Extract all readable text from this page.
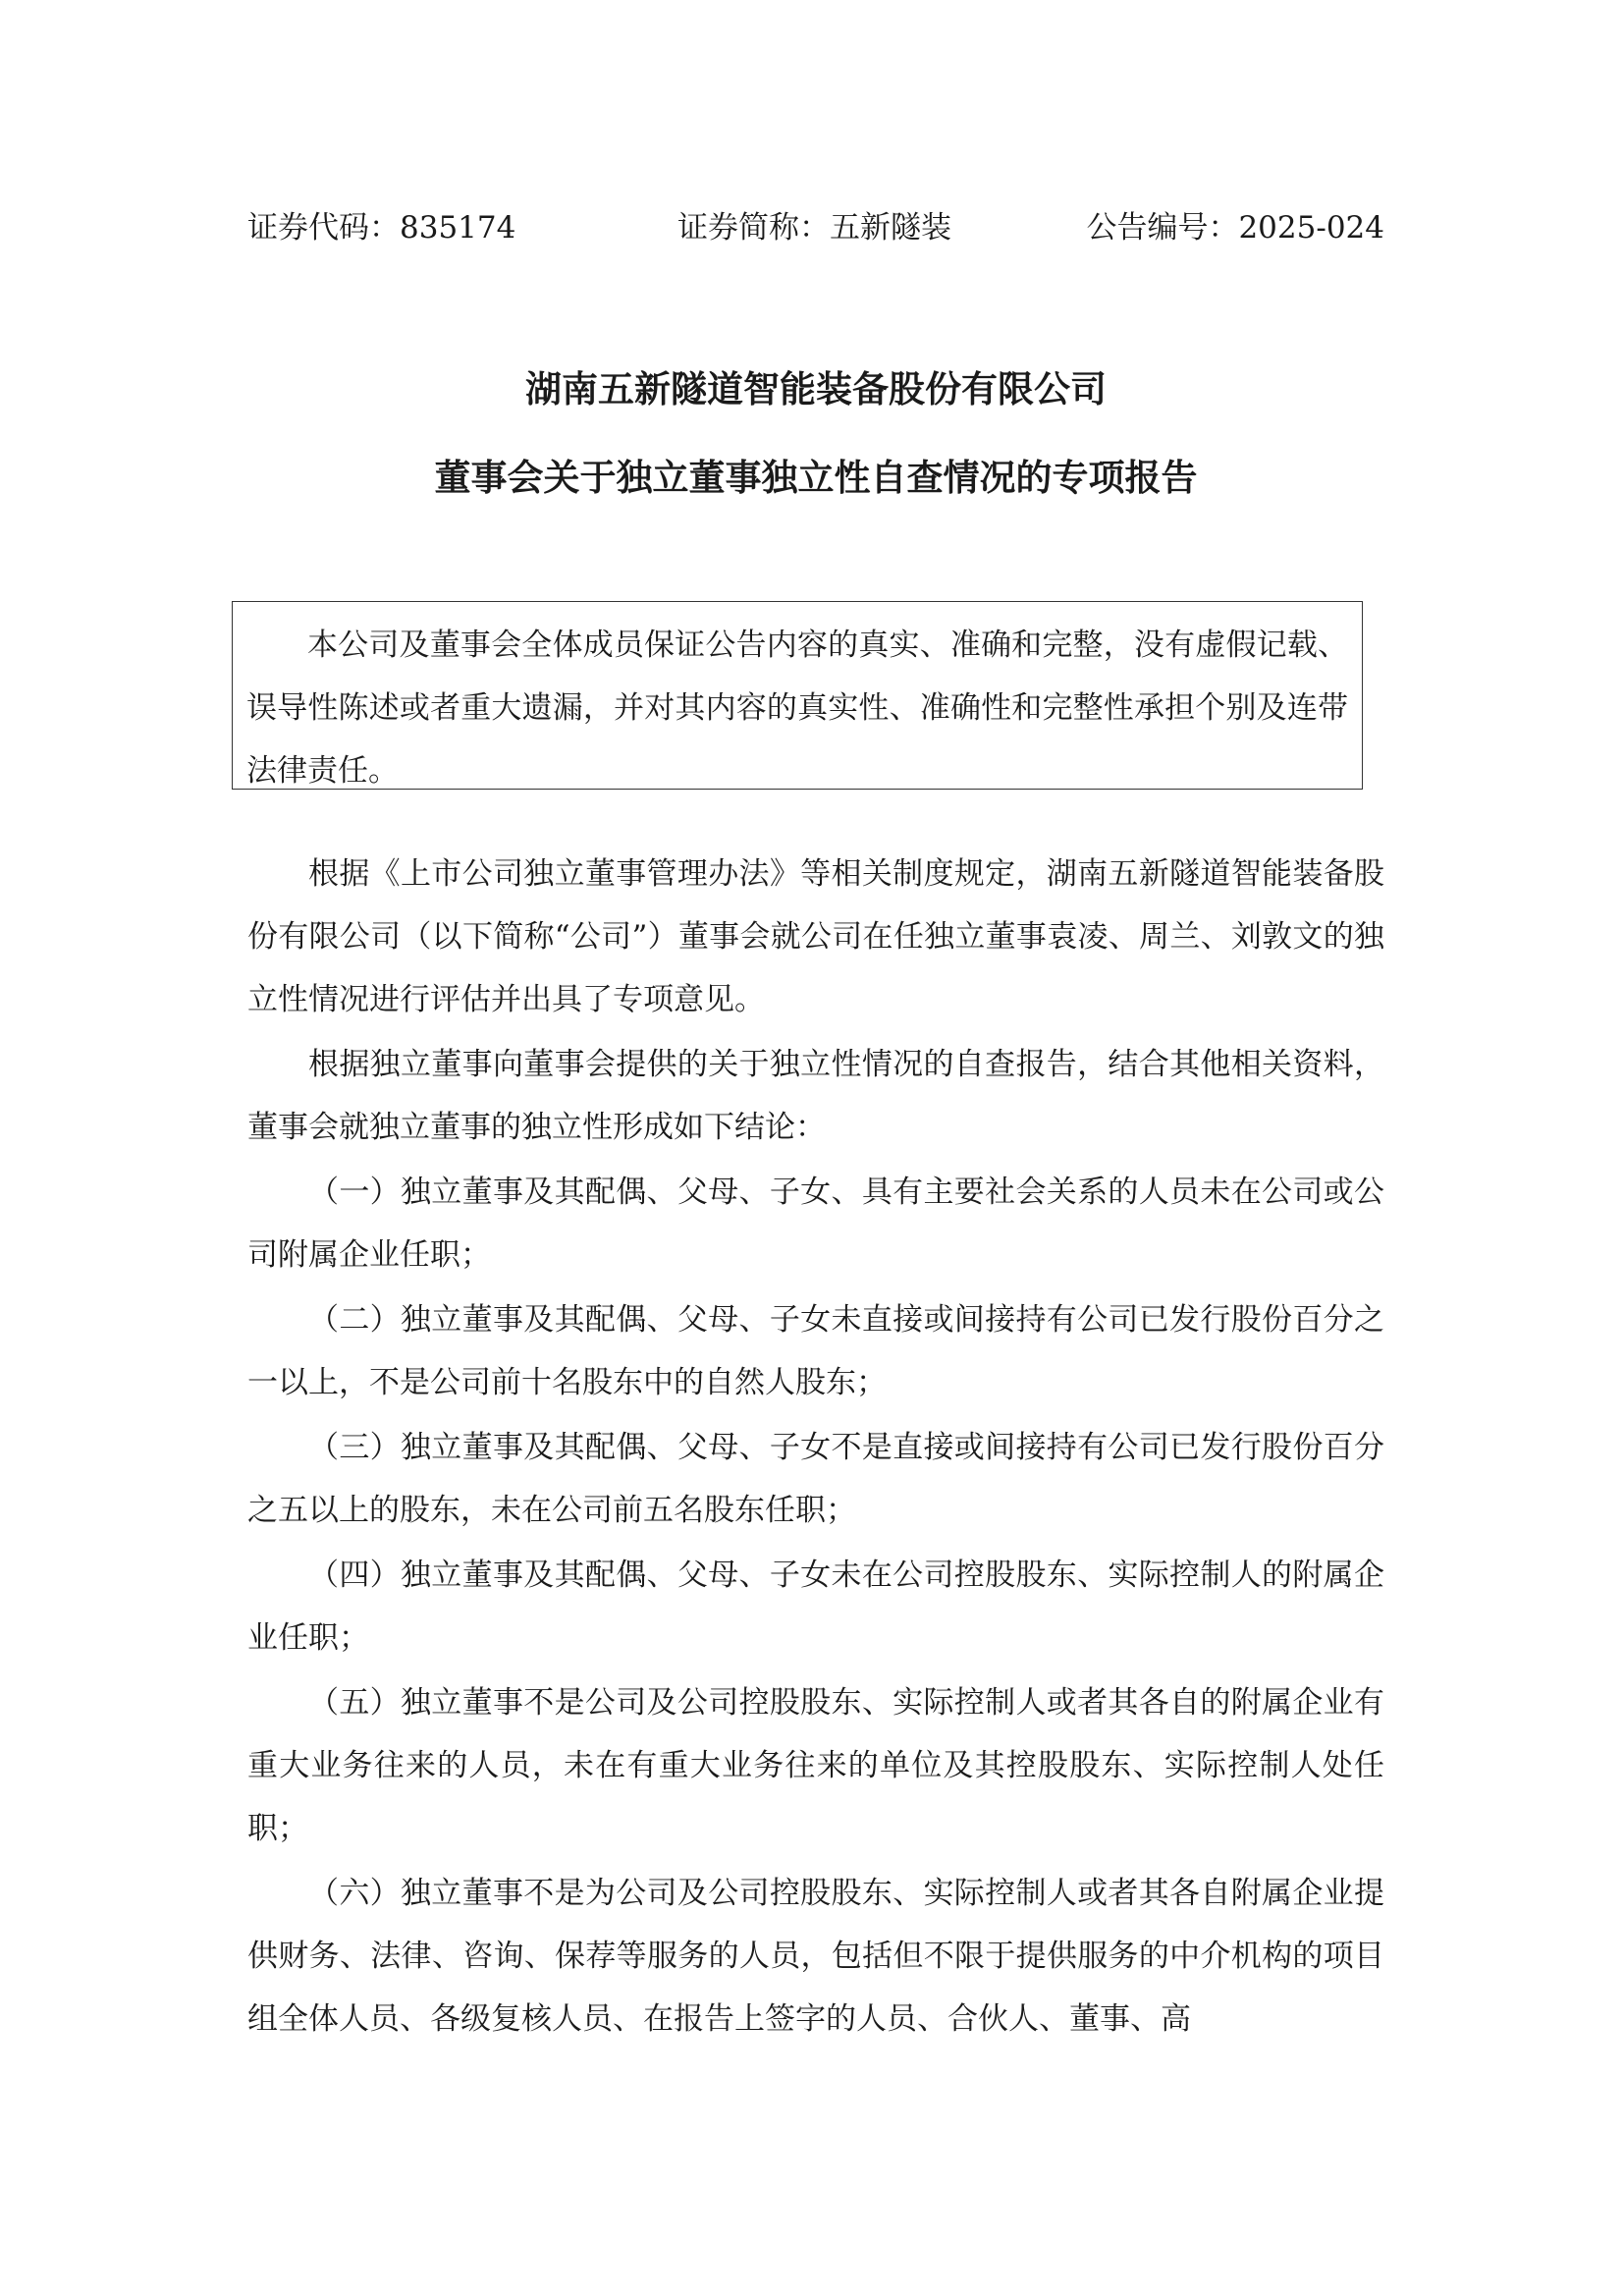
证券代码：835174	证券简称：五新隧装	公告编号：2025-024
湖南五新隧道智能装备股份有限公司
董事会关于独立董事独立性自查情况的专项报告

本公司及董事会全体成员保证公告内容的真实、准确和完整，没有虚假记载、误导性陈述或者重大遗漏，并对其内容的真实性、准确性和完整性承担个别及连带法律责任。

根据《上市公司独立董事管理办法》等相关制度规定，湖南五新隧道智能装备股份有限公司（以下简称“公司”）董事会就公司在任独立董事袁凌、周兰、刘敦文的独立性情况进行评估并出具了专项意见。

根据独立董事向董事会提供的关于独立性情况的自查报告，结合其他相关资料，董事会就独立董事的独立性形成如下结论：

（一）独立董事及其配偶、父母、子女、具有主要社会关系的人员未在公司或公司附属企业任职；

（二）独立董事及其配偶、父母、子女未直接或间接持有公司已发行股份百分之一以上，不是公司前十名股东中的自然人股东；

（三）独立董事及其配偶、父母、子女不是直接或间接持有公司已发行股份百分之五以上的股东，未在公司前五名股东任职；

（四）独立董事及其配偶、父母、子女未在公司控股股东、实际控制人的附属企业任职；

（五）独立董事不是公司及公司控股股东、实际控制人或者其各自的附属企业有重大业务往来的人员，未在有重大业务往来的单位及其控股股东、实际控制人处任职；

（六）独立董事不是为公司及公司控股股东、实际控制人或者其各自附属企业提供财务、法律、咨询、保荐等服务的人员，包括但不限于提供服务的中介机构的项目组全体人员、各级复核人员、在报告上签字的人员、合伙人、董事、高
